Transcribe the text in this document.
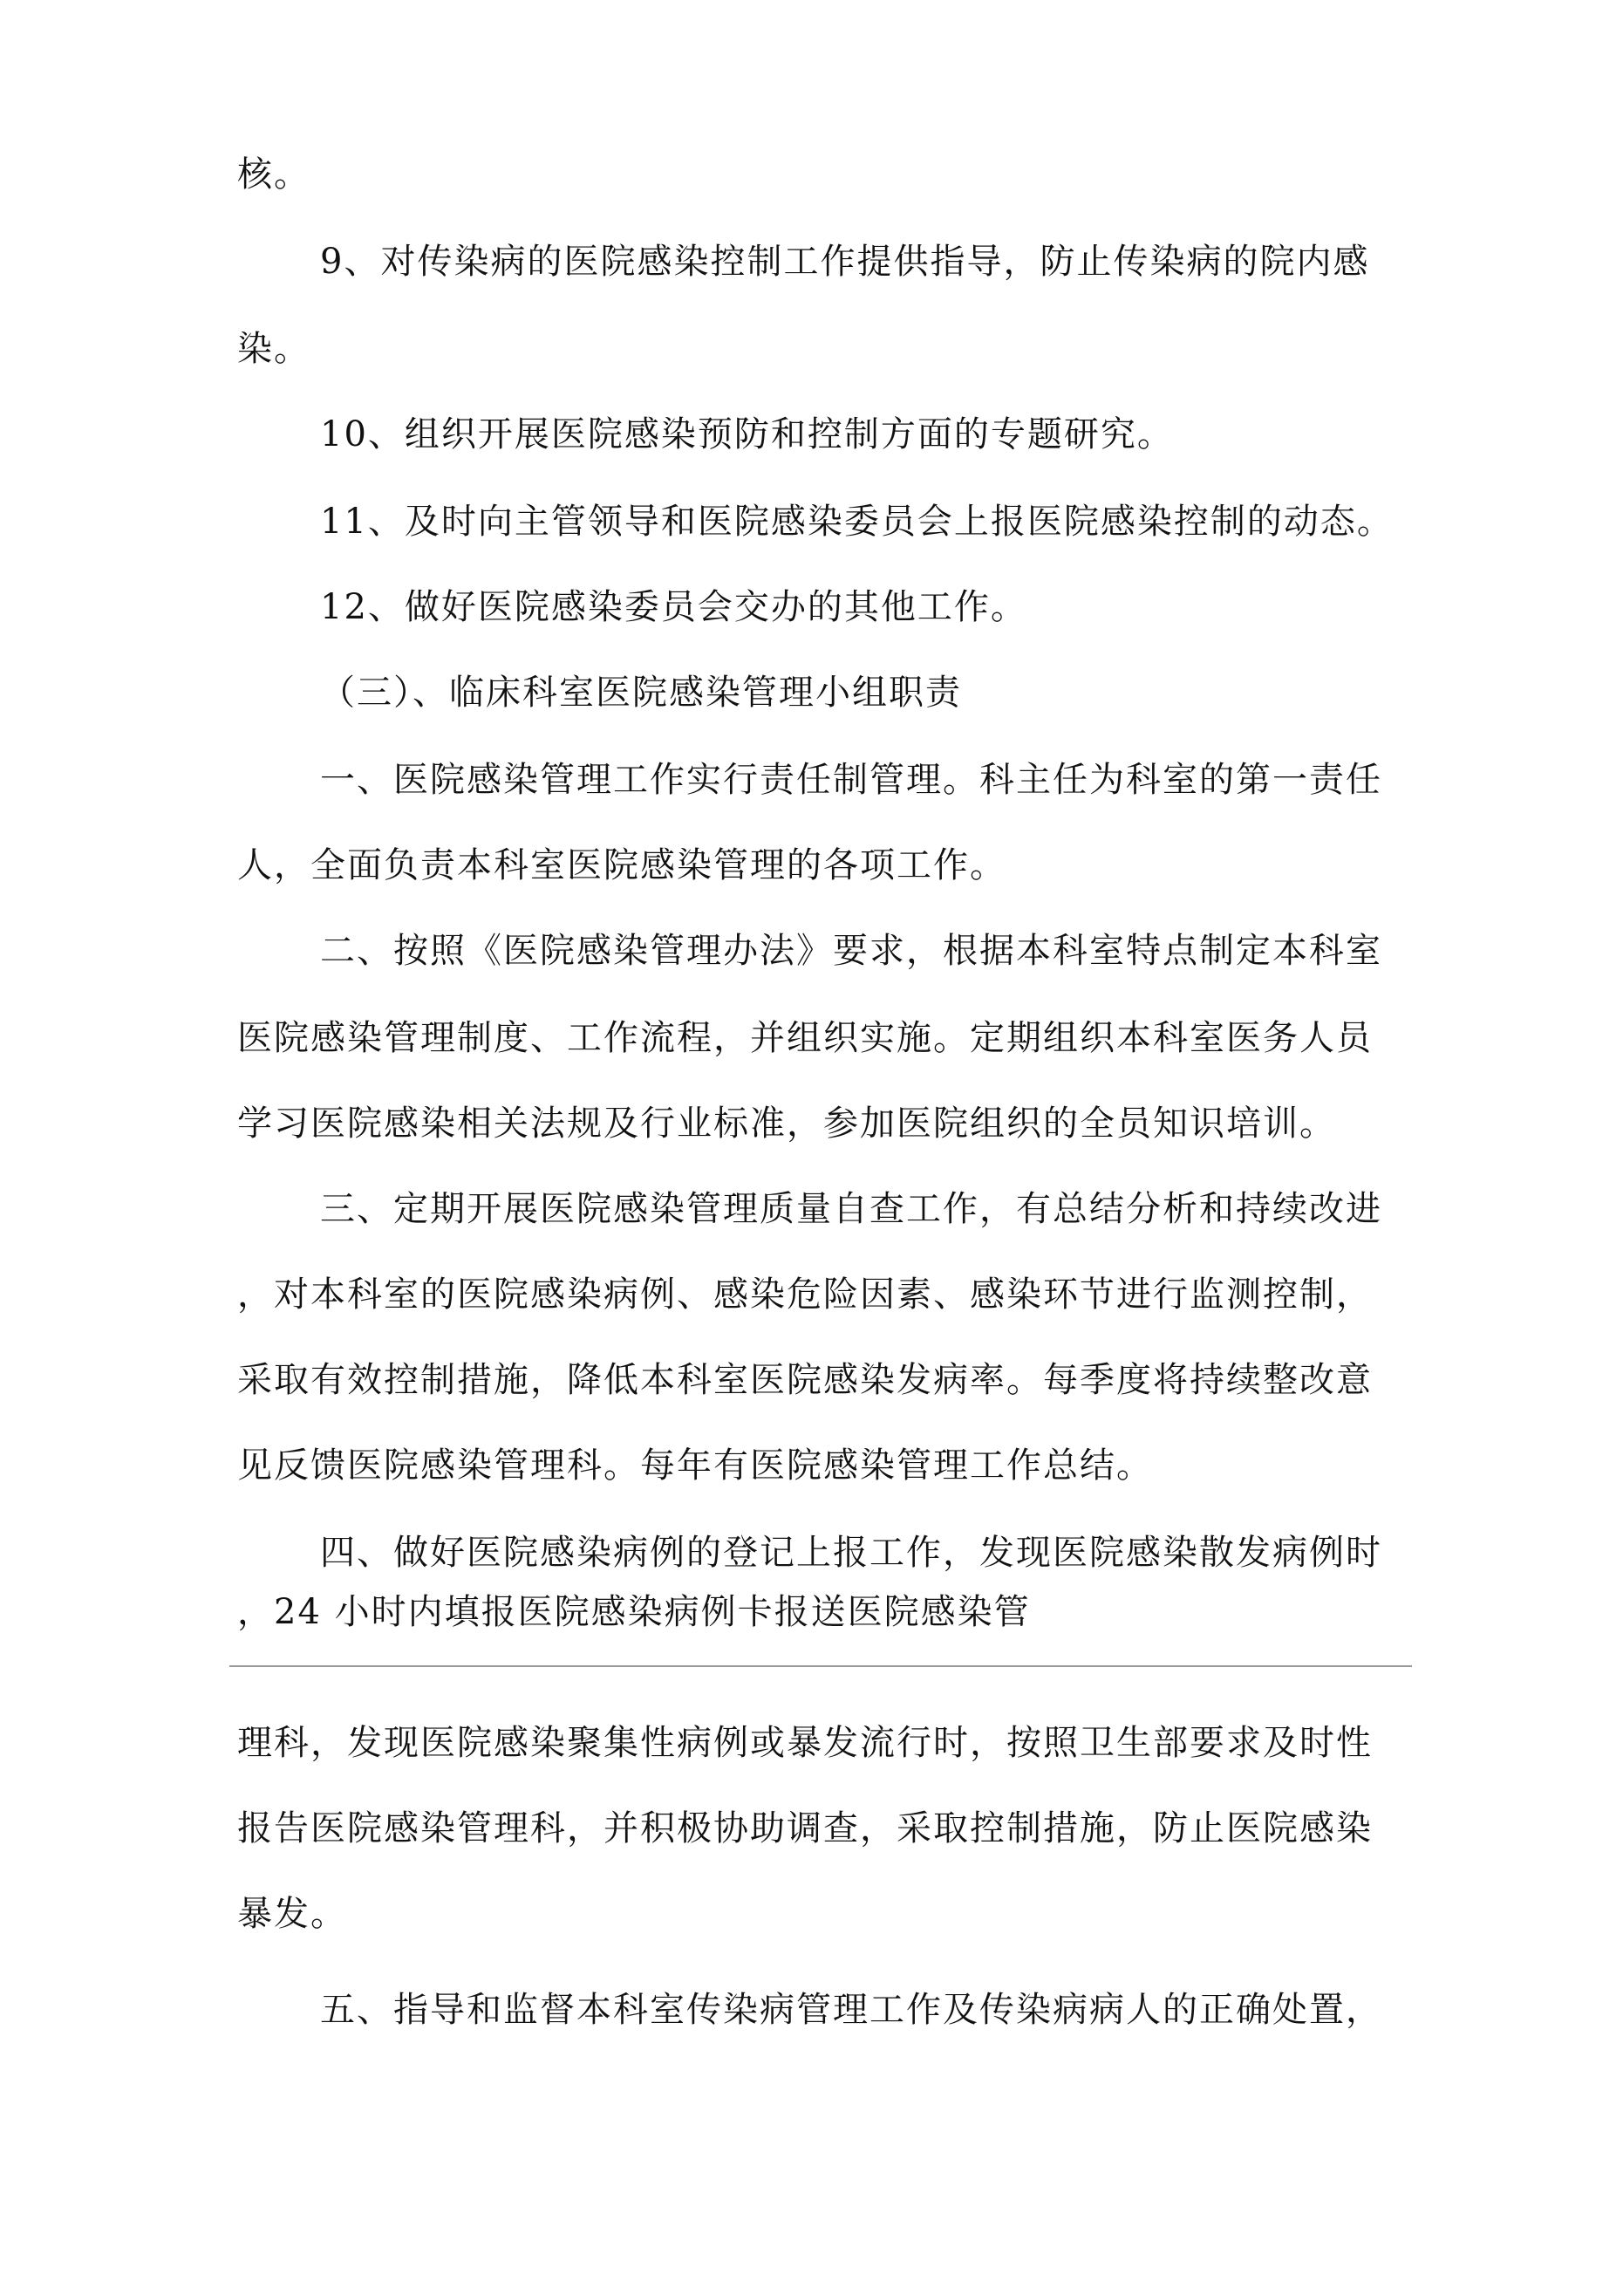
核。
9、对传染病的医院感染控制工作提供指导，防止传染病的院内感
染。
10、组织开展医院感染预防和控制方面的专题研究。
11、及时向主管领导和医院感染委员会上报医院感染控制的动态。
12、做好医院感染委员会交办的其他工作。
（三）、临床科室医院感染管理小组职责
一、医院感染管理工作实行责任制管理。科主任为科室的第一责任
人，全面负责本科室医院感染管理的各项工作。
二、按照《医院感染管理办法》要求，根据本科室特点制定本科室
医院感染管理制度、工作流程，并组织实施。定期组织本科室医务人员
学习医院感染相关法规及行业标准，参加医院组织的全员知识培训。
三、定期开展医院感染管理质量自查工作，有总结分析和持续改进
，对本科室的医院感染病例、感染危险因素、感染环节进行监测控制，
采取有效控制措施，降低本科室医院感染发病率。每季度将持续整改意
见反馈医院感染管理科。每年有医院感染管理工作总结。
四、做好医院感染病例的登记上报工作，发现医院感染散发病例时
，24 小时内填报医院感染病例卡报送医院感染管
理科，发现医院感染聚集性病例或暴发流行时，按照卫生部要求及时性
报告医院感染管理科，并积极协助调查，采取控制措施，防止医院感染
暴发。
五、指导和监督本科室传染病管理工作及传染病病人的正确处置，
